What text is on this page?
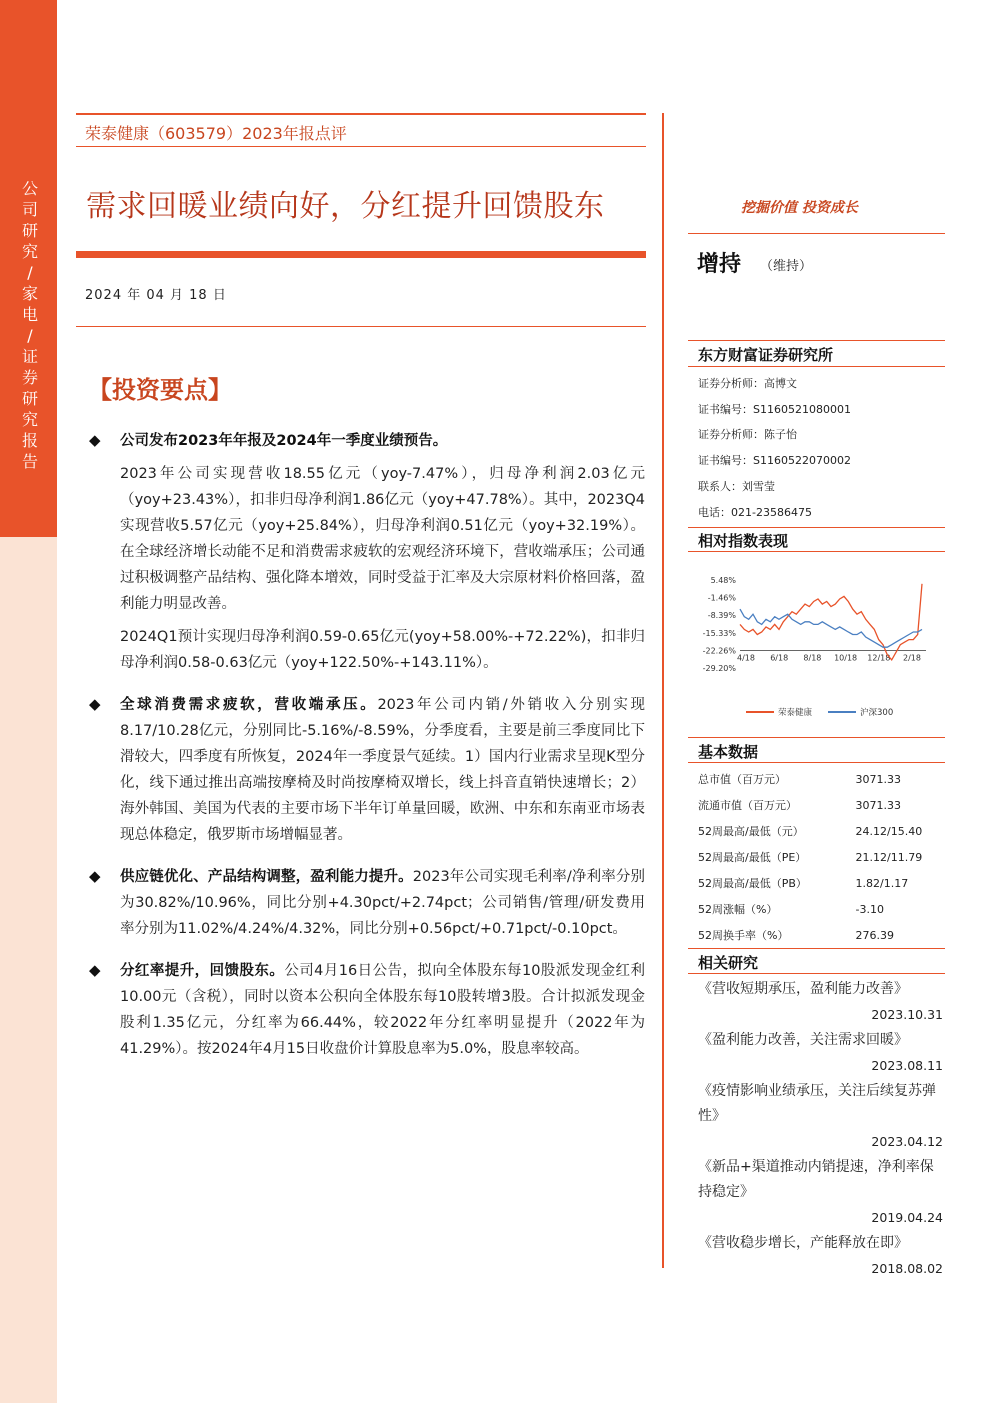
公司研究 / 家电 / 证券研究报告
荣泰健康（603579）2023年报点评
需求回暖业绩向好，分红提升回馈股东
2024 年 04 月 18 日
【投资要点】
◆ 公司发布2023年年报及2024年一季度业绩预告。
2023年公司实现营收18.55亿元（yoy-7.47%），归母净利润2.03亿元（yoy+23.43%），扣非归母净利润1.86亿元（yoy+47.78%）。其中，2023Q4实现营收5.57亿元（yoy+25.84%），归母净利润0.51亿元（yoy+32.19%）。在全球经济增长动能不足和消费需求疲软的宏观经济环境下，营收端承压；公司通过积极调整产品结构、强化降本增效，同时受益于汇率及大宗原材料价格回落，盈利能力明显改善。
2024Q1预计实现归母净利润0.59-0.65亿元(yoy+58.00%-+72.22%)，扣非归母净利润0.58-0.63亿元（yoy+122.50%-+143.11%）。
◆ 全球消费需求疲软，营收端承压。2023年公司内销/外销收入分别实现8.17/10.28亿元，分别同比-5.16%/-8.59%，分季度看，主要是前三季度同比下滑较大，四季度有所恢复，2024年一季度景气延续。1）国内行业需求呈现K型分化，线下通过推出高端按摩椅及时尚按摩椅双增长，线上抖音直销快速增长；2）海外韩国、美国为代表的主要市场下半年订单量回暖，欧洲、中东和东南亚市场表现总体稳定，俄罗斯市场增幅显著。
◆ 供应链优化、产品结构调整，盈利能力提升。2023年公司实现毛利率/净利率分别为30.82%/10.96%，同比分别+4.30pct/+2.74pct；公司销售/管理/研发费用率分别为11.02%/4.24%/4.32%，同比分别+0.56pct/+0.71pct/-0.10pct。
◆ 分红率提升，回馈股东。公司4月16日公告，拟向全体股东每10股派发现金红利10.00元（含税），同时以资本公积向全体股东每10股转增3股。合计拟派发现金股利1.35亿元，分红率为66.44%，较2022年分红率明显提升（2022年为41.29%）。按2024年4月15日收盘价计算股息率为5.0%，股息率较高。
挖掘价值 投资成长
增持 （维持）
东方财富证券研究所
证券分析师：高博文
证书编号：S1160521080001
证券分析师：陈子怡
证书编号：S1160522070002
联系人：刘雪莹
电话：021-23586475
相对指数表现
5.48%
-1.46%
-8.39%
-15.33%
-22.26%
-29.20%
4/18 6/18 8/18 10/18 12/18 2/18
荣泰健康	沪深300
基本数据
总市值（百万元）	3071.33
流通市值（百万元）	3071.33
52周最高/最低（元）	24.12/15.40
52周最高/最低（PE）	21.12/11.79
52周最高/最低（PB）	1.82/1.17
52周涨幅（%）	-3.10
52周换手率（%）	276.39
相关研究
《营收短期承压，盈利能力改善》
2023.10.31
《盈利能力改善，关注需求回暖》
2023.08.11
《疫情影响业绩承压，关注后续复苏弹性》
2023.04.12
《新品+渠道推动内销提速，净利率保持稳定》
2019.04.24
《营收稳步增长，产能释放在即》
2018.08.02
